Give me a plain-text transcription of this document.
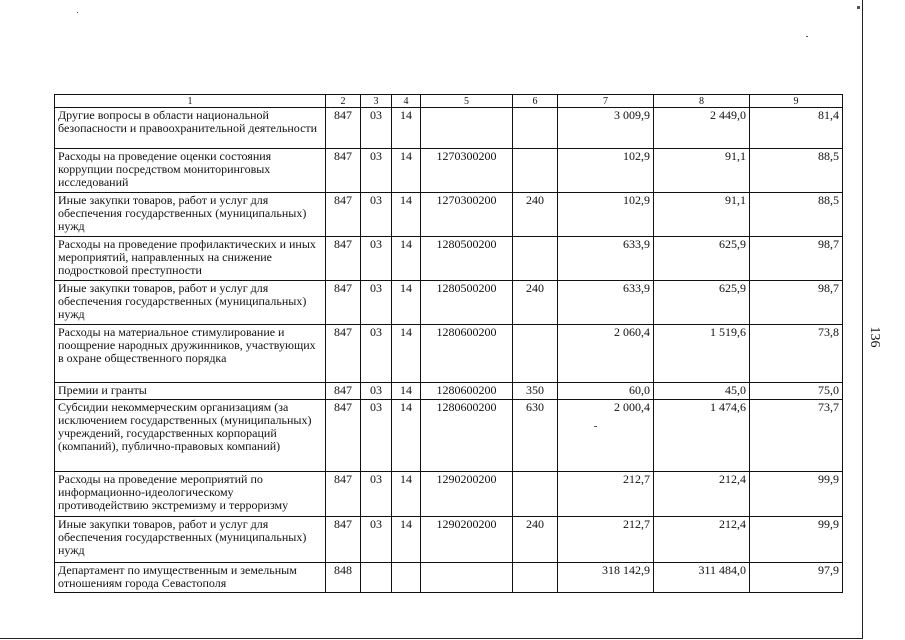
1	2	3	4	5	6	7	8	9
Другие вопросы в области национальной безопасности и правоохранительной деятельности	847	03	14			3 009,9	2 449,0	81,4
Расходы на проведение оценки состояния коррупции посредством мониторинговых исследований	847	03	14	1270300200		102,9	91,1	88,5
Иные закупки товаров, работ и услуг для обеспечения государственных (муниципальных) нужд	847	03	14	1270300200	240	102,9	91,1	88,5
Расходы на проведение профилактических и иных мероприятий, направленных на снижение подростковой преступности	847	03	14	1280500200		633,9	625,9	98,7
Иные закупки товаров, работ и услуг для обеспечения государственных (муниципальных) нужд	847	03	14	1280500200	240	633,9	625,9	98,7
Расходы на материальное стимулирование и поощрение народных дружинников, участвующих в охране общественного порядка	847	03	14	1280600200		2 060,4	1 519,6	73,8
Премии и гранты	847	03	14	1280600200	350	60,0	45,0	75,0
Субсидии некоммерческим организациям (за исключением государственных (муниципальных) учреждений, государственных корпораций (компаний), публично-правовых компаний)	847	03	14	1280600200	630	2 000,4	1 474,6	73,7
Расходы на проведение мероприятий по информационно-идеологическому противодействию экстремизму и терроризму	847	03	14	1290200200		212,7	212,4	99,9
Иные закупки товаров, работ и услуг для обеспечения государственных (муниципальных) нужд	847	03	14	1290200200	240	212,7	212,4	99,9
Департамент по имущественным и земельным отношениям города Севастополя	848					318 142,9	311 484,0	97,9
136
